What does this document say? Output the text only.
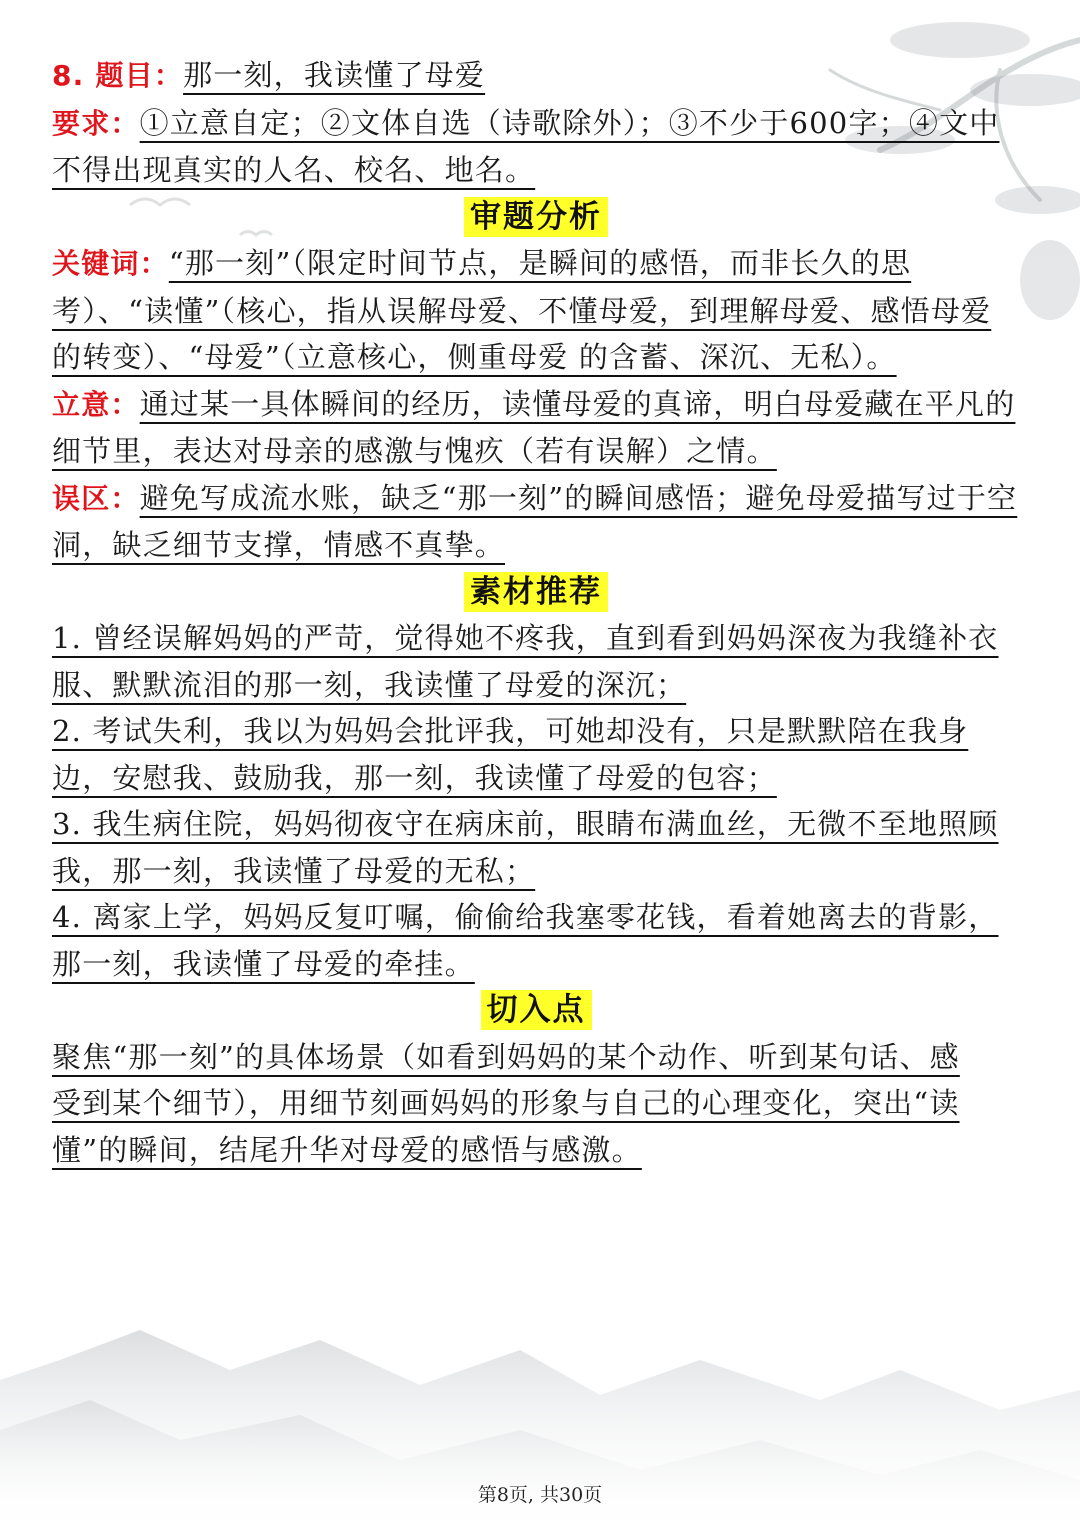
8. 题目：那一刻，我读懂了母爱

要求：①立意自定；②文体自选（诗歌除外）；③不少于600字；④文中不得出现真实的人名、校名、地名。

审题分析

关键词：“那一刻”（限定时间节点，是瞬间的感悟，而非长久的思考）、“读懂”（核心，指从误解母爱、不懂母爱，到理解母爱、感悟母爱的转变）、“母爱”（立意核心，侧重母爱 的含蓄、深沉、无私）。

立意：通过某一具体瞬间的经历，读懂母爱的真谛，明白母爱藏在平凡的细节里，表达对母亲的感激与愧疚（若有误解）之情。

误区：避免写成流水账，缺乏“那一刻”的瞬间感悟；避免母爱描写过于空洞，缺乏细节支撑，情感不真挚。

素材推荐

1. 曾经误解妈妈的严苛，觉得她不疼我，直到看到妈妈深夜为我缝补衣服、默默流泪的那一刻，我读懂了母爱的深沉；

2. 考试失利，我以为妈妈会批评我，可她却没有，只是默默陪在我身边，安慰我、鼓励我，那一刻，我读懂了母爱的包容；

3. 我生病住院，妈妈彻夜守在病床前，眼睛布满血丝，无微不至地照顾我，那一刻，我读懂了母爱的无私；

4. 离家上学，妈妈反复叮嘱，偷偷给我塞零花钱，看着她离去的背影，那一刻，我读懂了母爱的牵挂。

切入点

聚焦“那一刻”的具体场景（如看到妈妈的某个动作、听到某句话、感受到某个细节），用细节刻画妈妈的形象与自己的心理变化，突出“读懂”的瞬间，结尾升华对母爱的感悟与感激。

第8页, 共30页
